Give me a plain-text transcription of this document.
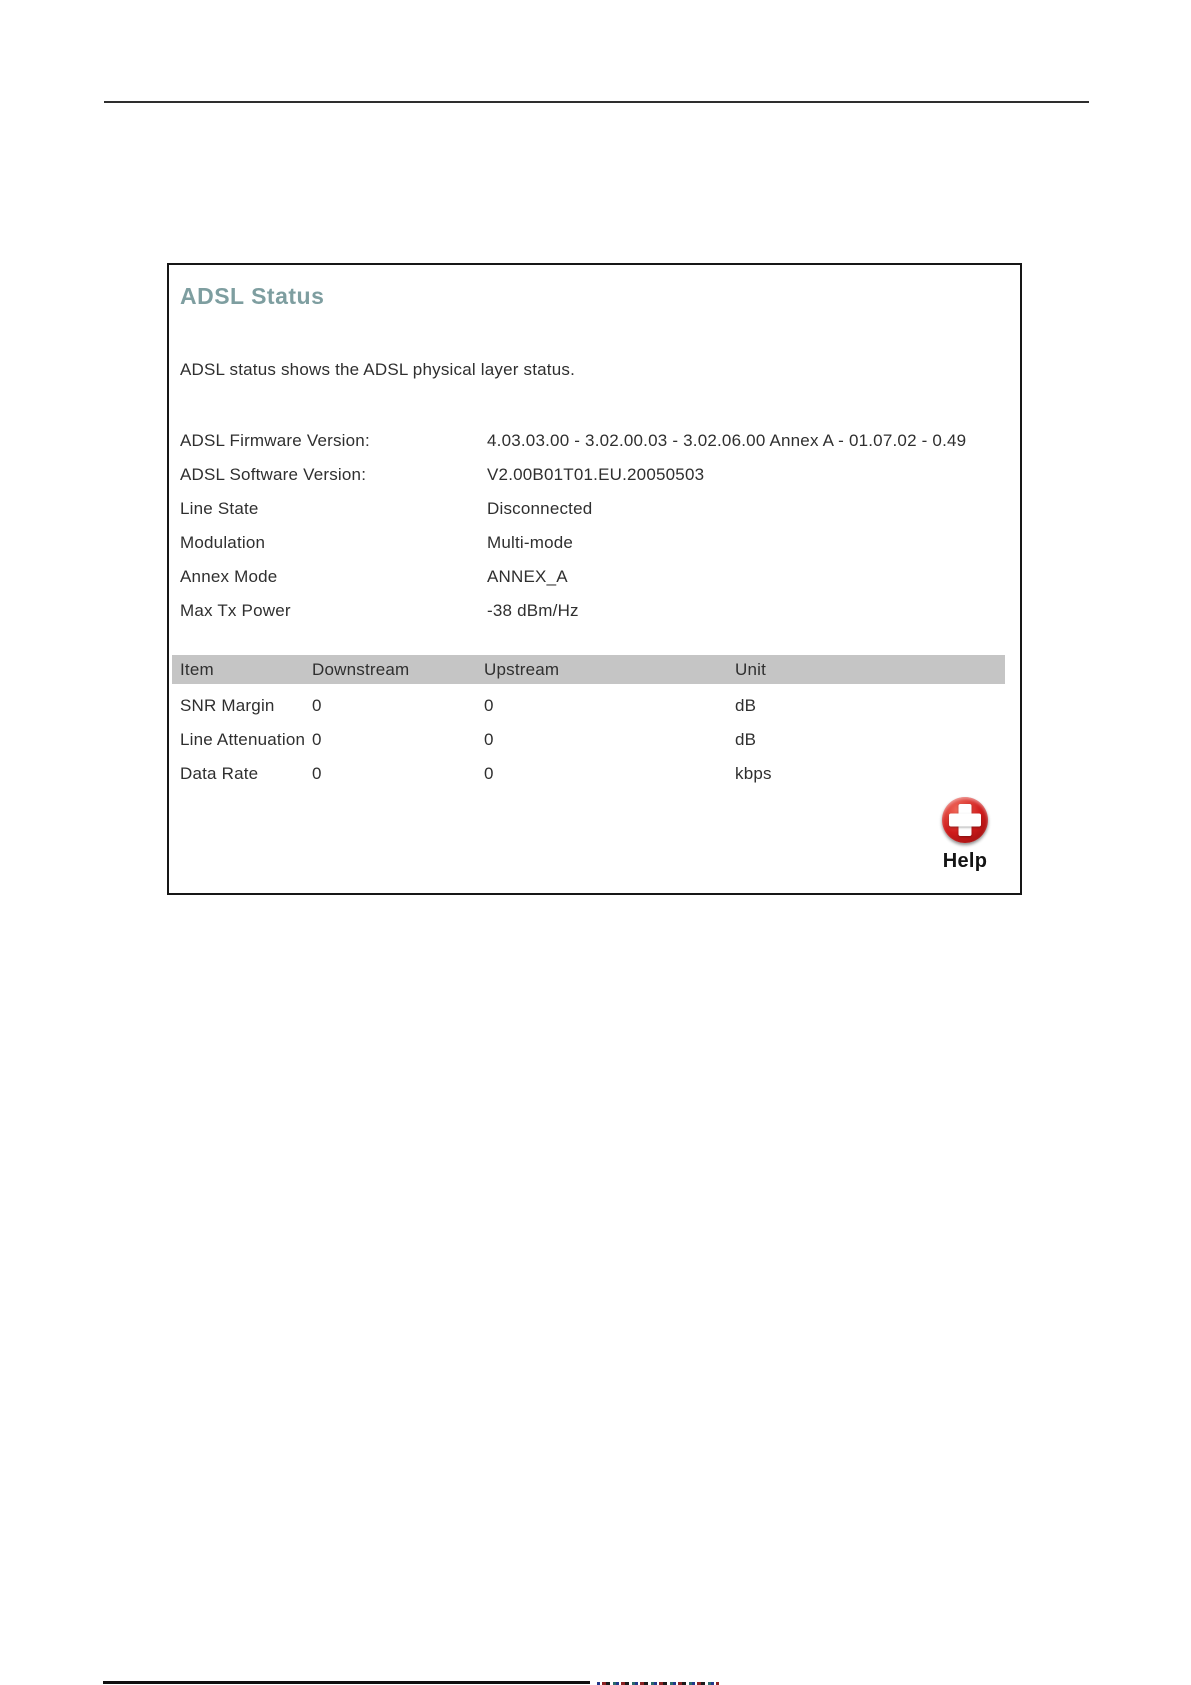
ADSL Status

ADSL status shows the ADSL physical layer status.

ADSL Firmware Version:	4.03.03.00 - 3.02.00.03 - 3.02.06.00 Annex A - 01.07.02 - 0.49
ADSL Software Version:	V2.00B01T01.EU.20050503
Line State	Disconnected
Modulation	Multi-mode
Annex Mode	ANNEX_A
Max Tx Power	-38 dBm/Hz
Item	Downstream	Upstream	Unit
SNR Margin	0	0	dB
Line Attenuation 0	0	dB
Data Rate	0	0	kbps
Help
